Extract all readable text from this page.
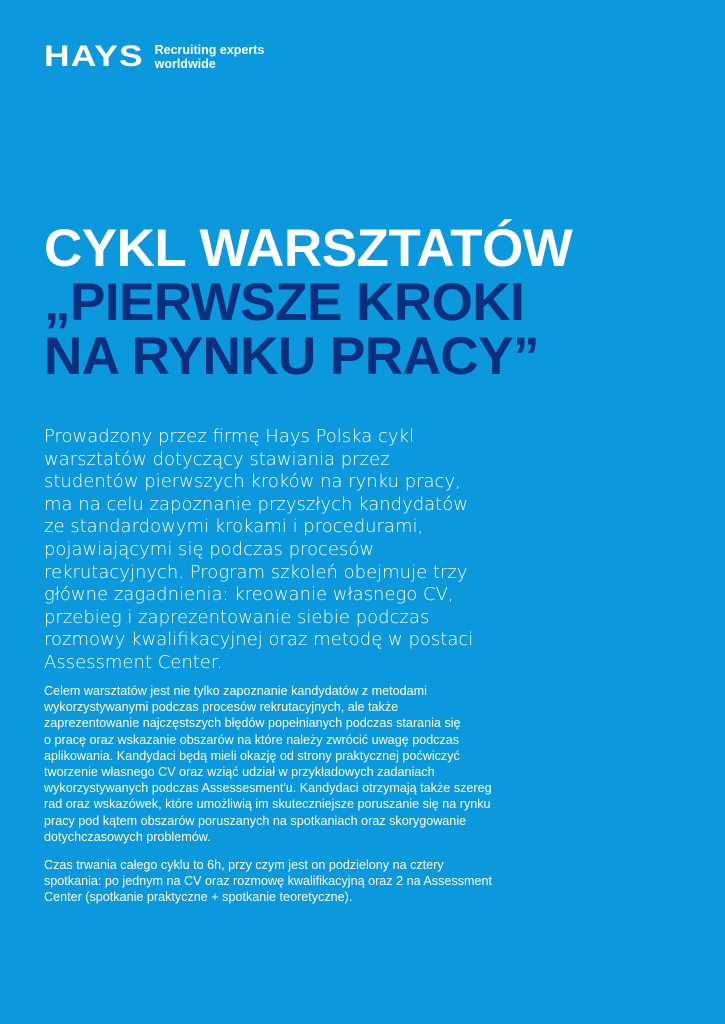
HAYS Recruiting experts
worldwide
CYKL WARSZTATÓW
„PIERWSZE KROKI
NA RYNKU PRACY”

Prowadzony przez firmę Hays Polska cykl
warsztatów dotyczący stawiania przez
studentów pierwszych kroków na rynku pracy,
ma na celu zapoznanie przyszłych kandydatów
ze standardowymi krokami i procedurami,
pojawiającymi się podczas procesów
rekrutacyjnych. Program szkoleń obejmuje trzy
główne zagadnienia: kreowanie własnego CV,
przebieg i zaprezentowanie siebie podczas
rozmowy kwalifikacyjnej oraz metodę w postaci
Assessment Center.

Celem warsztatów jest nie tylko zapoznanie kandydatów z metodami
wykorzystywanymi podczas procesów rekrutacyjnych, ale także
zaprezentowanie najczęstszych błędów popełnianych podczas starania się
o pracę oraz wskazanie obszarów na które należy zwrócić uwagę podczas
aplikowania. Kandydaci będą mieli okazję od strony praktycznej poćwiczyć
tworzenie własnego CV oraz wziąć udział w przykładowych zadaniach
wykorzystywanych podczas Assessesment'u. Kandydaci otrzymają także szereg
rad oraz wskazówek, które umożliwią im skuteczniejsze poruszanie się na rynku
pracy pod kątem obszarów poruszanych na spotkaniach oraz skorygowanie
dotychczasowych problemów.

Czas trwania całego cyklu to 6h, przy czym jest on podzielony na cztery
spotkania: po jednym na CV oraz rozmowę kwalifikacyjną oraz 2 na Assessment
Center (spotkanie praktyczne + spotkanie teoretyczne).
